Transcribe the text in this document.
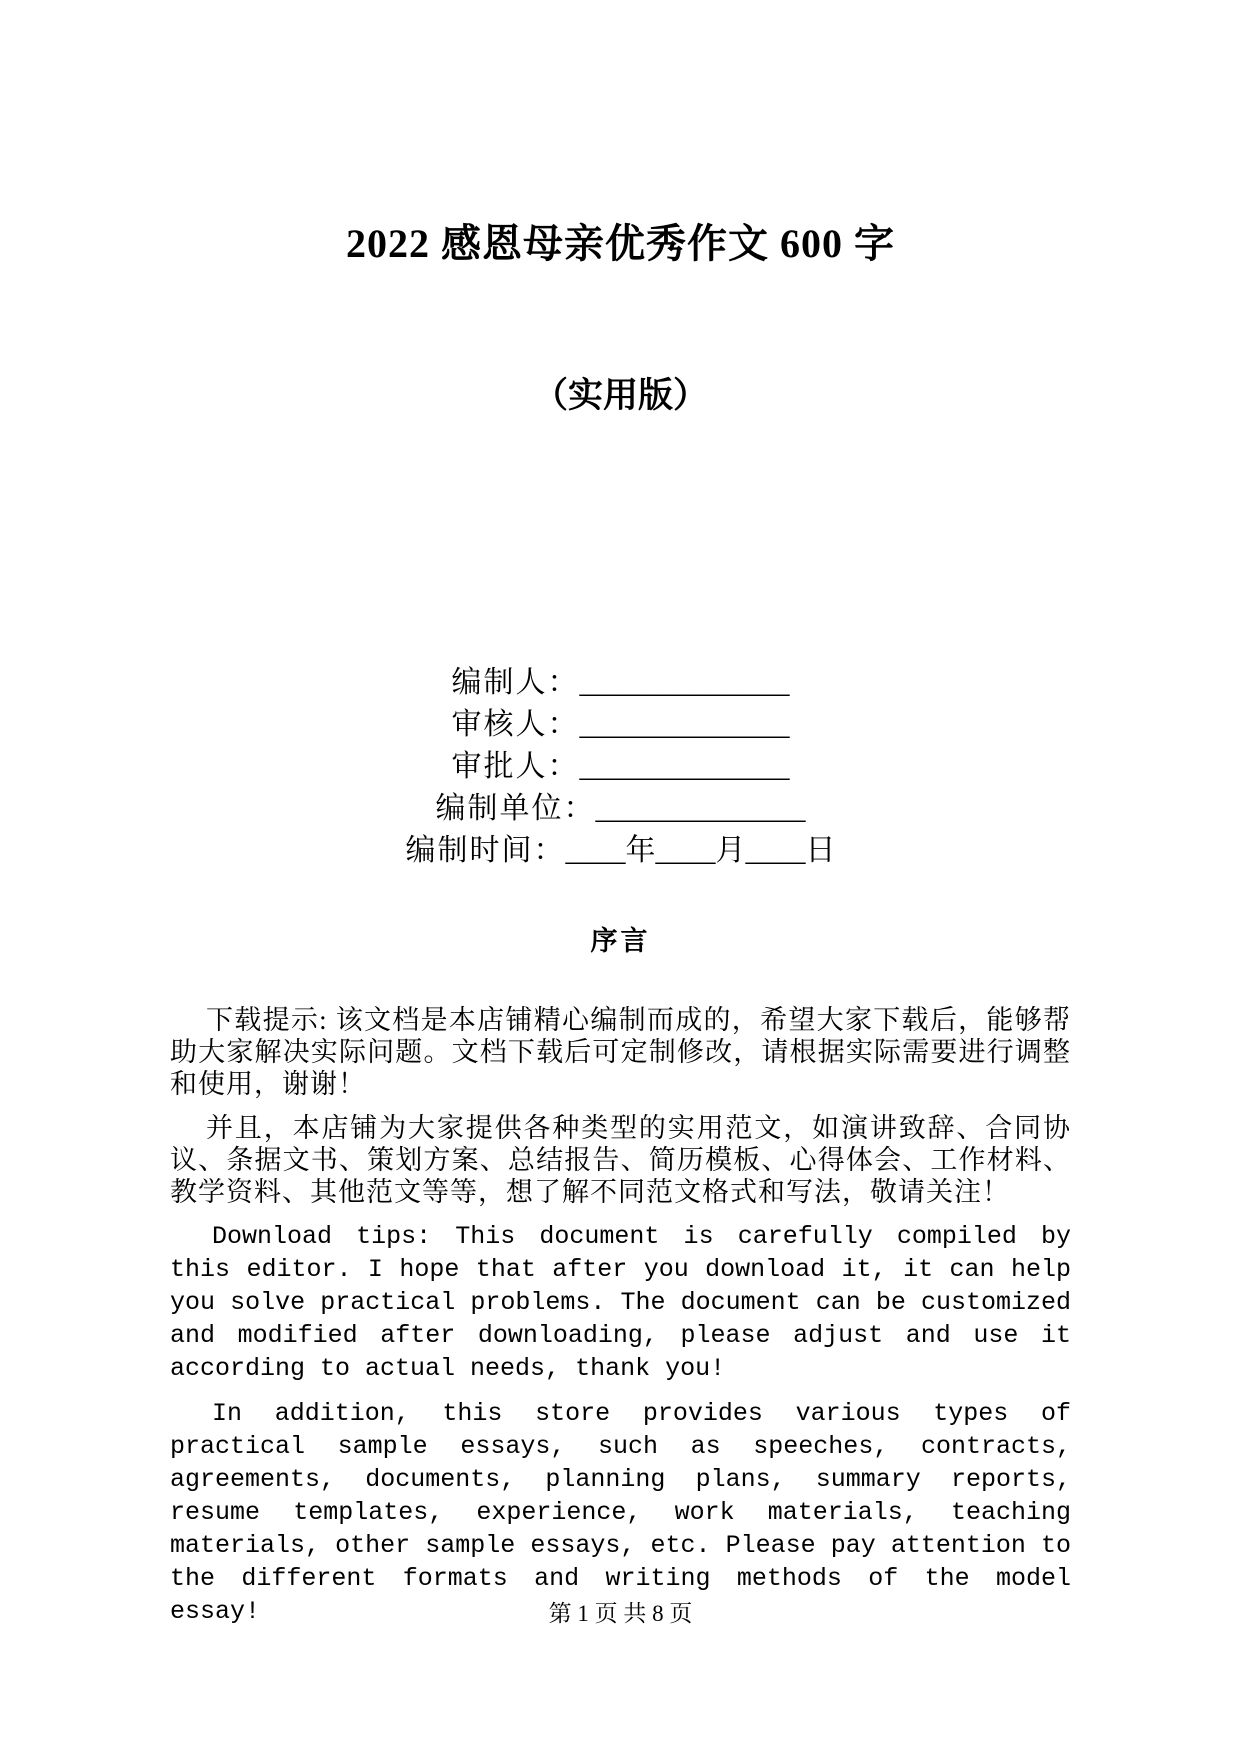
2022 感恩母亲优秀作文 600 字
（实用版）
编制人：______________
审核人：______________
审批人：______________
编制单位：______________
编制时间：____年____月____日
序言

下载提示: 该文档是本店铺精心编制而成的，希望大家下载后，能够帮助大家解决实际问题。文档下载后可定制修改，请根据实际需要进行调整和使用，谢谢！

并且，本店铺为大家提供各种类型的实用范文，如演讲致辞、合同协议、条据文书、策划方案、总结报告、简历模板、心得体会、工作材料、教学资料、其他范文等等，想了解不同范文格式和写法，敬请关注！

Download tips: This document is carefully compiled by this editor. I hope that after you download it, it can help you solve practical problems. The document can be customized and modified after downloading, please adjust and use it according to actual needs, thank you!

In addition, this store provides various types of practical sample essays, such as speeches, contracts, agreements, documents, planning plans, summary reports, resume templates, experience, work materials, teaching materials, other sample essays, etc. Please pay attention to the different formats and writing methods of the model essay!	第 1 页 共 8 页
